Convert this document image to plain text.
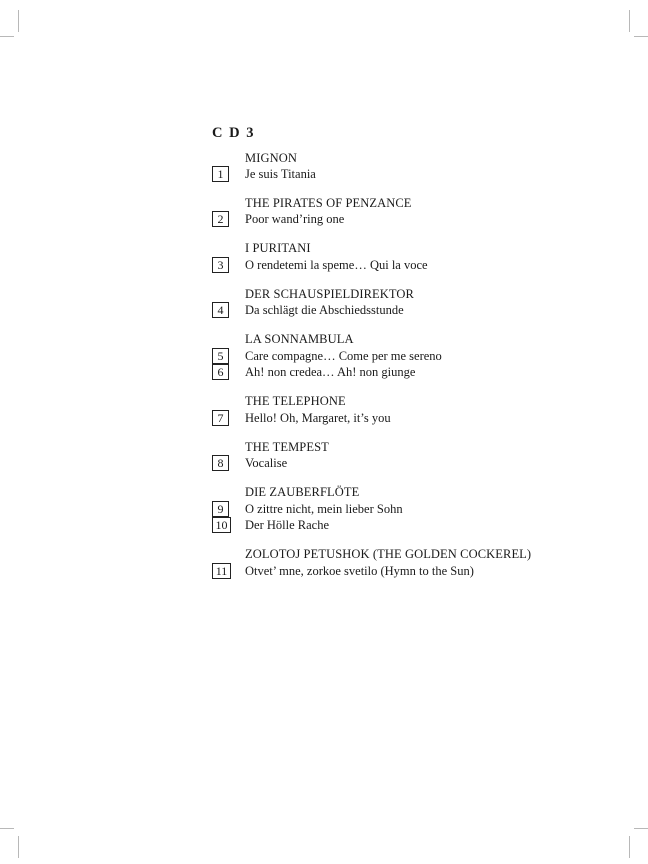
C D 3
MIGNON
1	Je suis Titania
THE PIRATES OF PENZANCE
2	Poor wand’ring one
I PURITANI
3	O rendetemi la speme… Qui la voce
DER SCHAUSPIELDIREKTOR
4	Da schlägt die Abschiedsstunde
LA SONNAMBULA
5	Care compagne… Come per me sereno
6	Ah! non credea… Ah! non giunge
THE TELEPHONE
7	Hello! Oh, Margaret, it’s you
THE TEMPEST
8	Vocalise
DIE ZAUBERFLÖTE
9	O zittre nicht, mein lieber Sohn
10 Der Hölle Rache
ZOLOTOJ PETUSHOK (THE GOLDEN COCKEREL)
11 Otvet’ mne, zorkoe svetilo (Hymn to the Sun)
